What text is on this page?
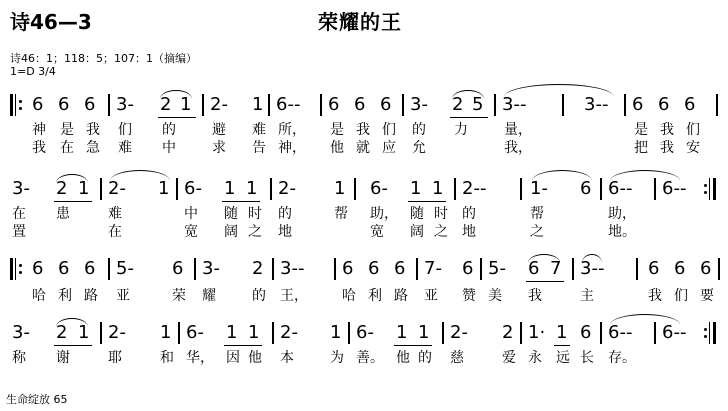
诗46—3	荣耀的王
诗46：1；118：5；107：1（摘编）
1=D 3/4
6 6 6 3- 2 1 2- 1 6-- 6 6 6 3- 2 5 3--	3-- 6 6 6
神 是 我 们 的	避 难 所， 是 我 们 的 力	量，	是 我 们
我 在 急 难 中	求 告 神， 他 就 应 允	我，	把 我 安
3- 2 1 2- 1 6- 1 1 2- 1 6- 1 1 2-- 1- 6 6-- 6--
在 患	难	中 随 时 的	帮 助， 随 时 的	帮	助，
置	在	宽 阔 之 地	宽 阔 之 地	之	地。
6 6 6 5- 6 3- 2 3-- 6 6 6 7- 6 5- 6 7 3-- 6 6 6
哈 利 路 亚	荣 耀	的 王， 哈 利 路 亚 赞 美 我	主	我 们 要
3- 2 1 2- 1 6- 1 1 2- 1 6- 1 1 2- 2 1· 1 6 6-- 6--
称 谢	耶	和 华， 因 他 本	为 善。 他 的 慈	爱 永 远 长 存。
生命绽放 65
